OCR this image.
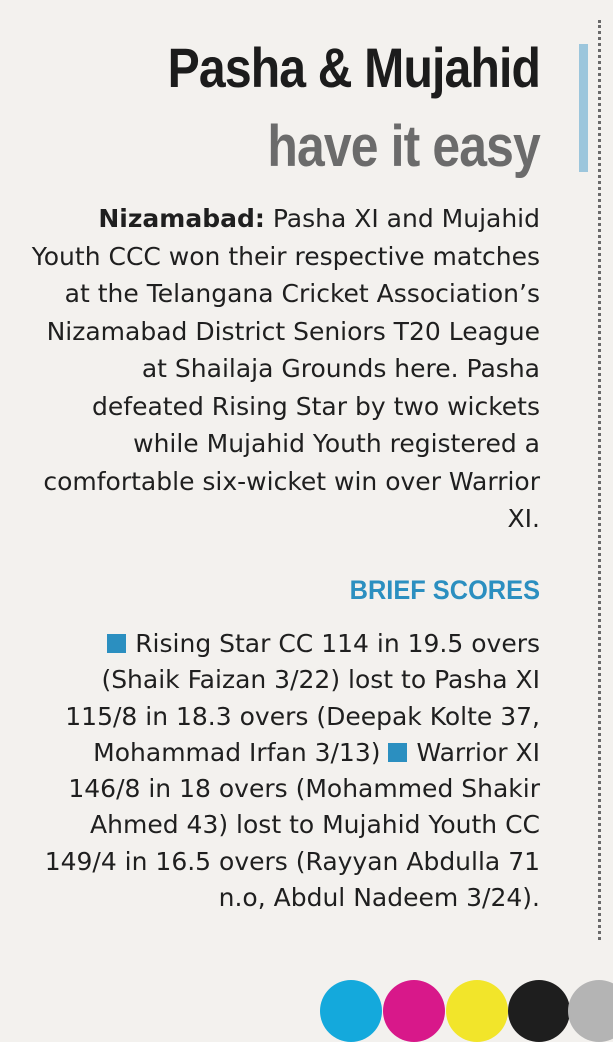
Pasha & Mujahid
have it easy

Nizamabad: Pasha XI and Mujahid Youth CCC won their respective matches at the Telangana Cricket Association’s Nizamabad District Seniors T20 League at Shailaja Grounds here. Pasha defeated Rising Star by two wickets while Mujahid Youth registered a comfortable six-wicket win over Warrior XI.

BRIEF SCORES

Rising Star CC 114 in 19.5 overs (Shaik Faizan 3/22) lost to Pasha XI 115/8 in 18.3 overs (Deepak Kolte 37, Mohammad Irfan 3/13) Warrior XI 146/8 in 18 overs (Mohammed Shakir Ahmed 43) lost to Mujahid Youth CC 149/4 in 16.5 overs (Rayyan Abdulla 71 n.o, Abdul Nadeem 3/24).
